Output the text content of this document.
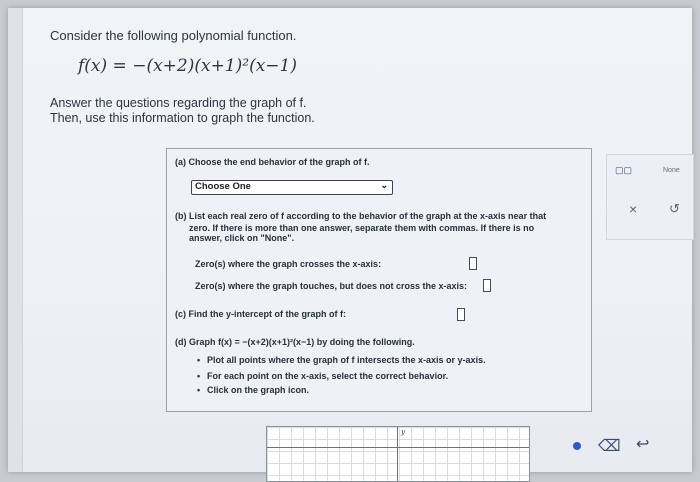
Consider the following polynomial function.
f(x) = −(x+2)(x+1)²(x−1)
Answer the questions regarding the graph of f.
Then, use this information to graph the function.
(a) Choose the end behavior of the graph of f.
Choose One	⌄
(b) List each real zero of f according to the behavior of the graph at the x-axis near that
zero. If there is more than one answer, separate them with commas. If there is no
answer, click on "None".
Zero(s) where the graph crosses the x-axis:
Zero(s) where the graph touches, but does not cross the x-axis:
(c) Find the y-intercept of the graph of f:
(d) Graph f(x) = −(x+2)(x+1)²(x−1) by doing the following.
• Plot all points where the graph of f intersects the x-axis or y-axis.
• For each point on the x-axis, select the correct behavior.
• Click on the graph icon.
▢▢	None
× ↺
y
⌫ ↩
